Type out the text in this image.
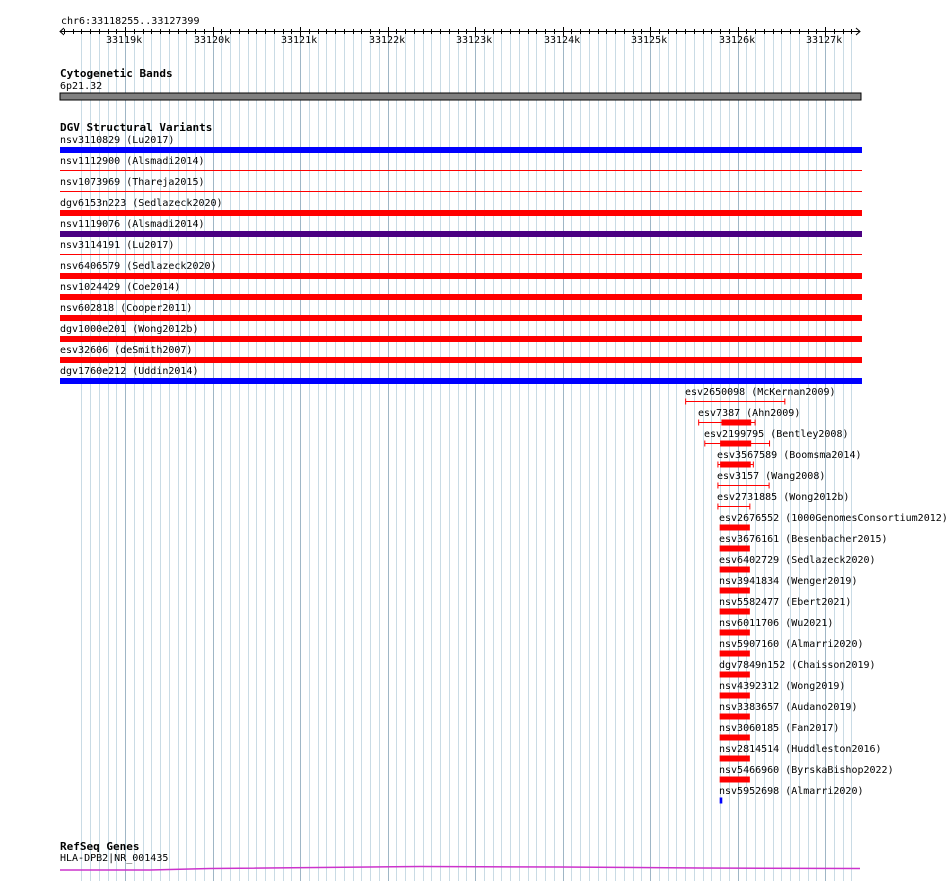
chr6:33118255..33127399
33119k	33120k	33121k	33122k	33123k	33124k	33125k	33126k	33127k
Cytogenetic Bands
6p21.32
DGV Structural Variants
nsv3110829 (Lu2017)
nsv1112900 (Alsmadi2014)
nsv1073969 (Thareja2015)
dgv6153n223 (Sedlazeck2020)
nsv1119076 (Alsmadi2014)
nsv3114191 (Lu2017)
nsv6406579 (Sedlazeck2020)
nsv1024429 (Coe2014)
nsv602818 (Cooper2011)
dgv1000e201 (Wong2012b)
esv32606 (deSmith2007)
dgv1760e212 (Uddin2014)
esv2650098 (McKernan2009)
esv7387 (Ahn2009)
esv2199795 (Bentley2008)
esv3567589 (Boomsma2014)
esv3157 (Wang2008)
esv2731885 (Wong2012b)
esv2676552 (1000GenomesConsortium2012)
esv3676161 (Besenbacher2015)
esv6402729 (Sedlazeck2020)
nsv3941834 (Wenger2019)
nsv5582477 (Ebert2021)
nsv6011706 (Wu2021)
nsv5907160 (Almarri2020)
dgv7849n152 (Chaisson2019)
nsv4392312 (Wong2019)
nsv3383657 (Audano2019)
nsv3060185 (Fan2017)
nsv2814514 (Huddleston2016)
nsv5466960 (ByrskaBishop2022)
nsv5952698 (Almarri2020)
RefSeq Genes
HLA-DPB2|NR_001435
